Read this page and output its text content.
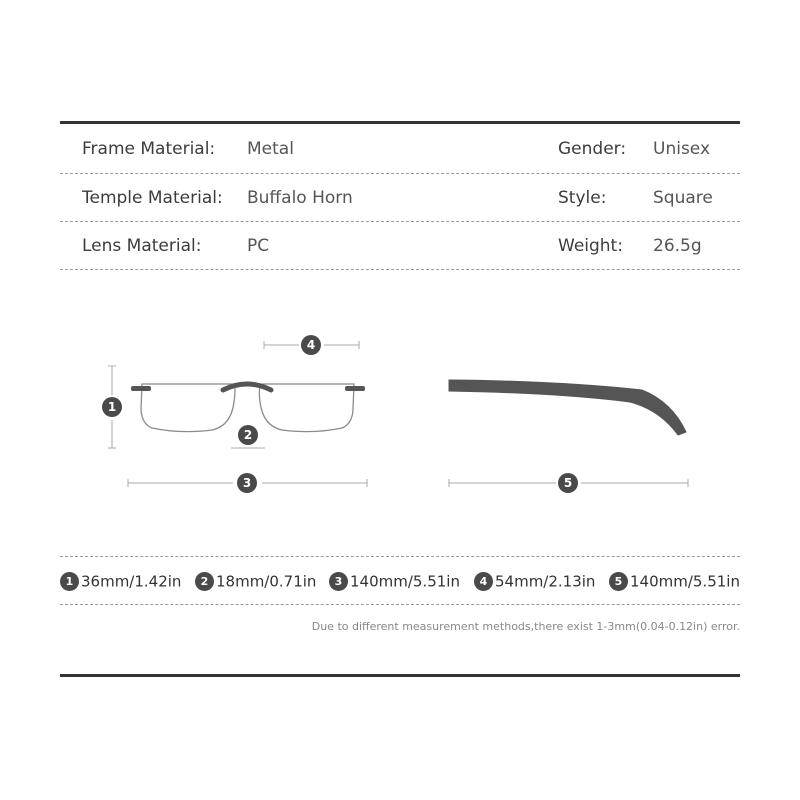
Frame Material: Metal	Gender: Unisex
Temple Material: Buffalo Horn	Style:	Square
Lens Material:	PC	Weight: 26.5g
1
2
3
4
5
1 36mm/1.42in	2 18mm/0.71in	3 140mm/5.51in	4 54mm/2.13in	5 140mm/5.51in
Due to different measurement methods,there exist 1-3mm(0.04-0.12in) error.
